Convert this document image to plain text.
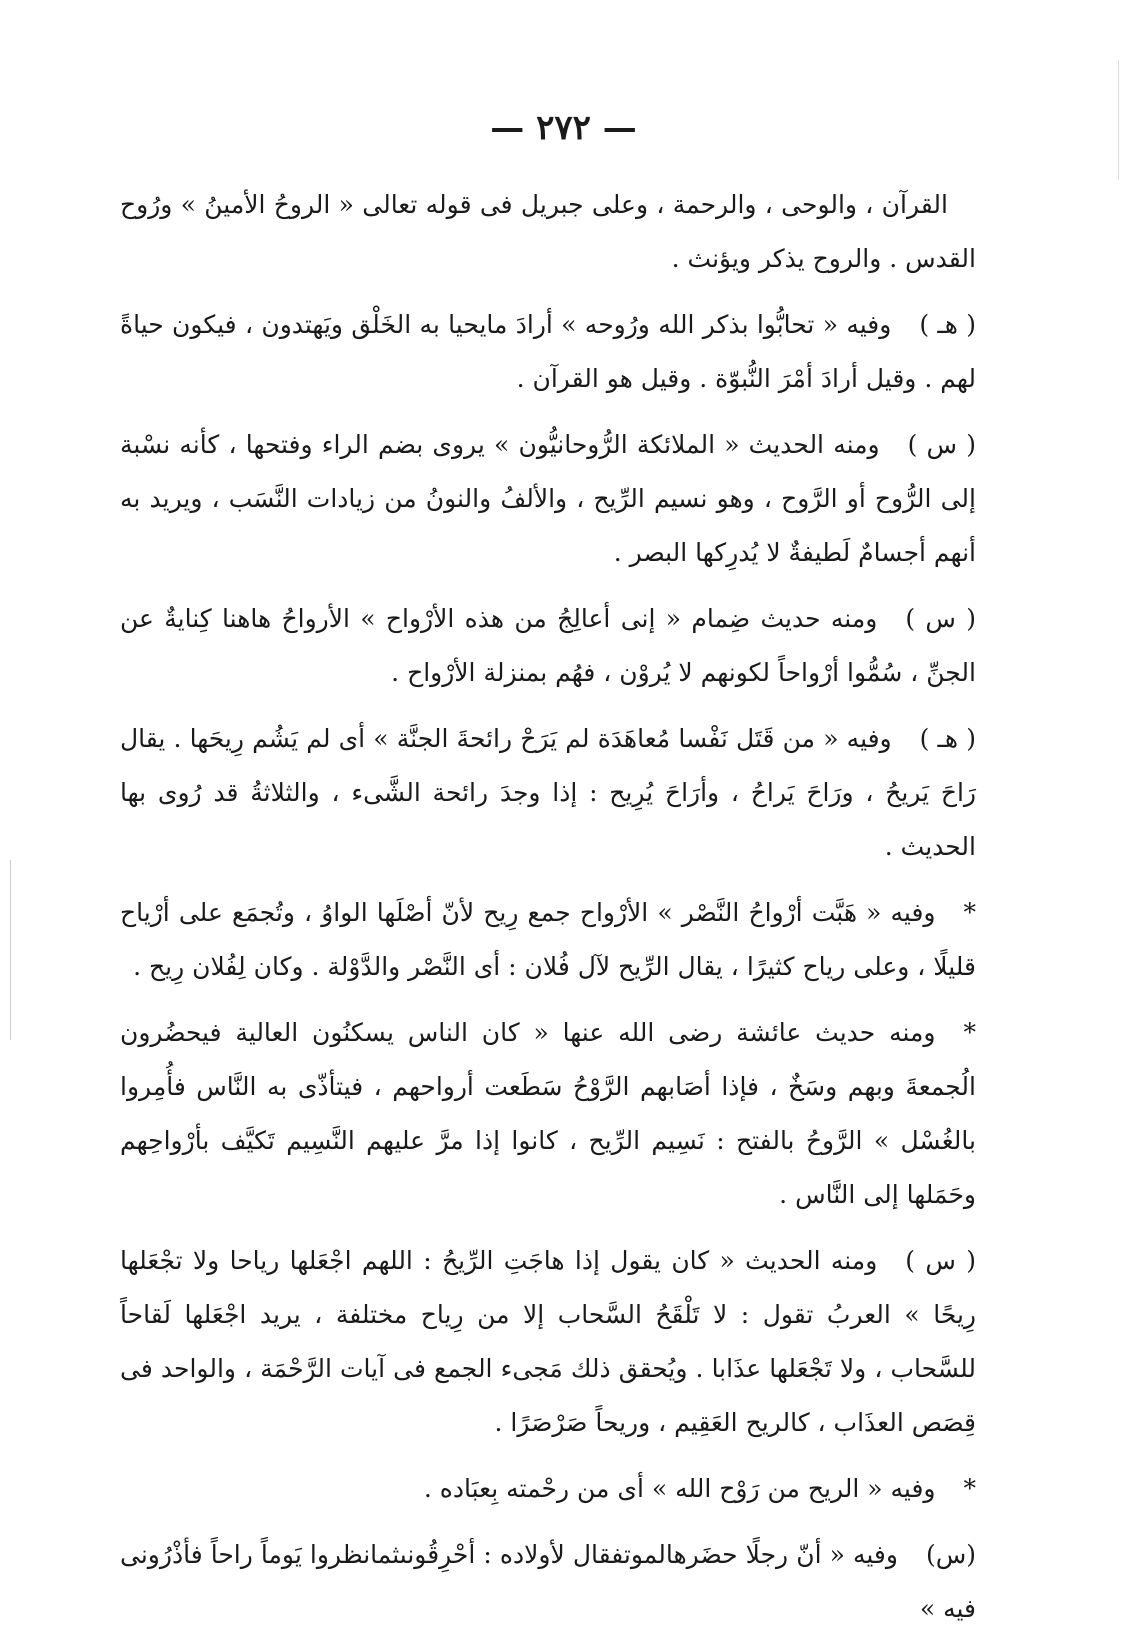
— ٢٧٢ —

القرآن ، والوحى ، والرحمة ، وعلى جبريل فى قوله تعالى « الروحُ الأمينُ » ورُوح القدس . والروح يذكر ويؤنث .

( هـ )وفيه « تحابُّوا بذكر الله ورُوحه » أرادَ مايحيا به الخَلْق ويَهتدون ، فيكون حياةً لهم . وقيل أرادَ أمْرَ النُّبوّة . وقيل هو القرآن .

( س )ومنه الحديث « الملائكة الرُّوحانيُّون » يروى بضم الراء وفتحها ، كأنه نسْبة إلى الرُّوح أو الرَّوح ، وهو نسيم الرِّيح ، والألفُ والنونُ من زيادات النَّسَب ، ويريد به أنهم أجسامٌ لَطيفةٌ لا يُدرِكها البصر .

( س )ومنه حديث ضِمام « إنى أعالِجُ من هذه الأرْواح » الأرواحُ هاهنا كِنايةٌ عن الجنِّ ، سُمُّوا أرْواحاً لكونهم لا يُروْن ، فهُم بمنزلة الأرْواح .

( هـ )وفيه « من قَتَل نَفْسا مُعاهَدَة لم يَرَحْ رائحةَ الجنَّة » أى لم يَشُم رِيحَها . يقال رَاحَ يَريحُ ، ورَاحَ يَراحُ ، وأرَاحَ يُرِيح : إذا وجدَ رائحة الشَّىء ، والثلاثةُ قد رُوى بها الحديث .

*وفيه « هَبَّت أرْواحُ النَّصْر » الأرْواح جمع رِيح لأنّ أصْلَها الواوُ ، وتُجمَع على أرْياح قليلًا ، وعلى رياح كثيرًا ، يقال الرِّيح لآل فُلان : أى النَّصْر والدَّوْلة . وكان لِفُلان رِيح .

*ومنه حديث عائشة رضى الله عنها « كان الناس يسكنُون العالية فيحضُرون الُجمعةَ وبهم وسَخٌ ، فإذا أصَابهم الرَّوْحُ سَطَعت أرواحهم ، فيتأذّى به النَّاس فأُمِروا بالغُسْل » الرَّوحُ بالفتح : نَسِيم الرِّيح ، كانوا إذا مرَّ عليهم النَّسِيم تَكيَّف بأرْواحِهم وحَمَلها إلى النَّاس .

( س )ومنه الحديث « كان يقول إذا هاجَتِ الرِّيحُ : اللهم اجْعَلها رياحا ولا تجْعَلها رِيحًا » العربُ تقول : لا تَلْقَحُ السَّحاب إلا من رِياح مختلفة ، يريد اجْعَلها لَقاحاً للسَّحاب ، ولا تَجْعَلها عذَابا . ويُحقق ذلك مَجىء الجمع فى آيات الرَّحْمَة ، والواحد فى قِصَص العذَاب ، كالريح العَقِيم ، وريحاً صَرْصَرًا .

*وفيه « الريح من رَوْح الله » أى من رحْمته بِعبَاده .

(س)وفيه « أنّ رجلًا حضَرهالموتفقال لأولاده : أحْرِقُونىثمانظروا يَوماً راحاً فأذْرُونى فيه »
